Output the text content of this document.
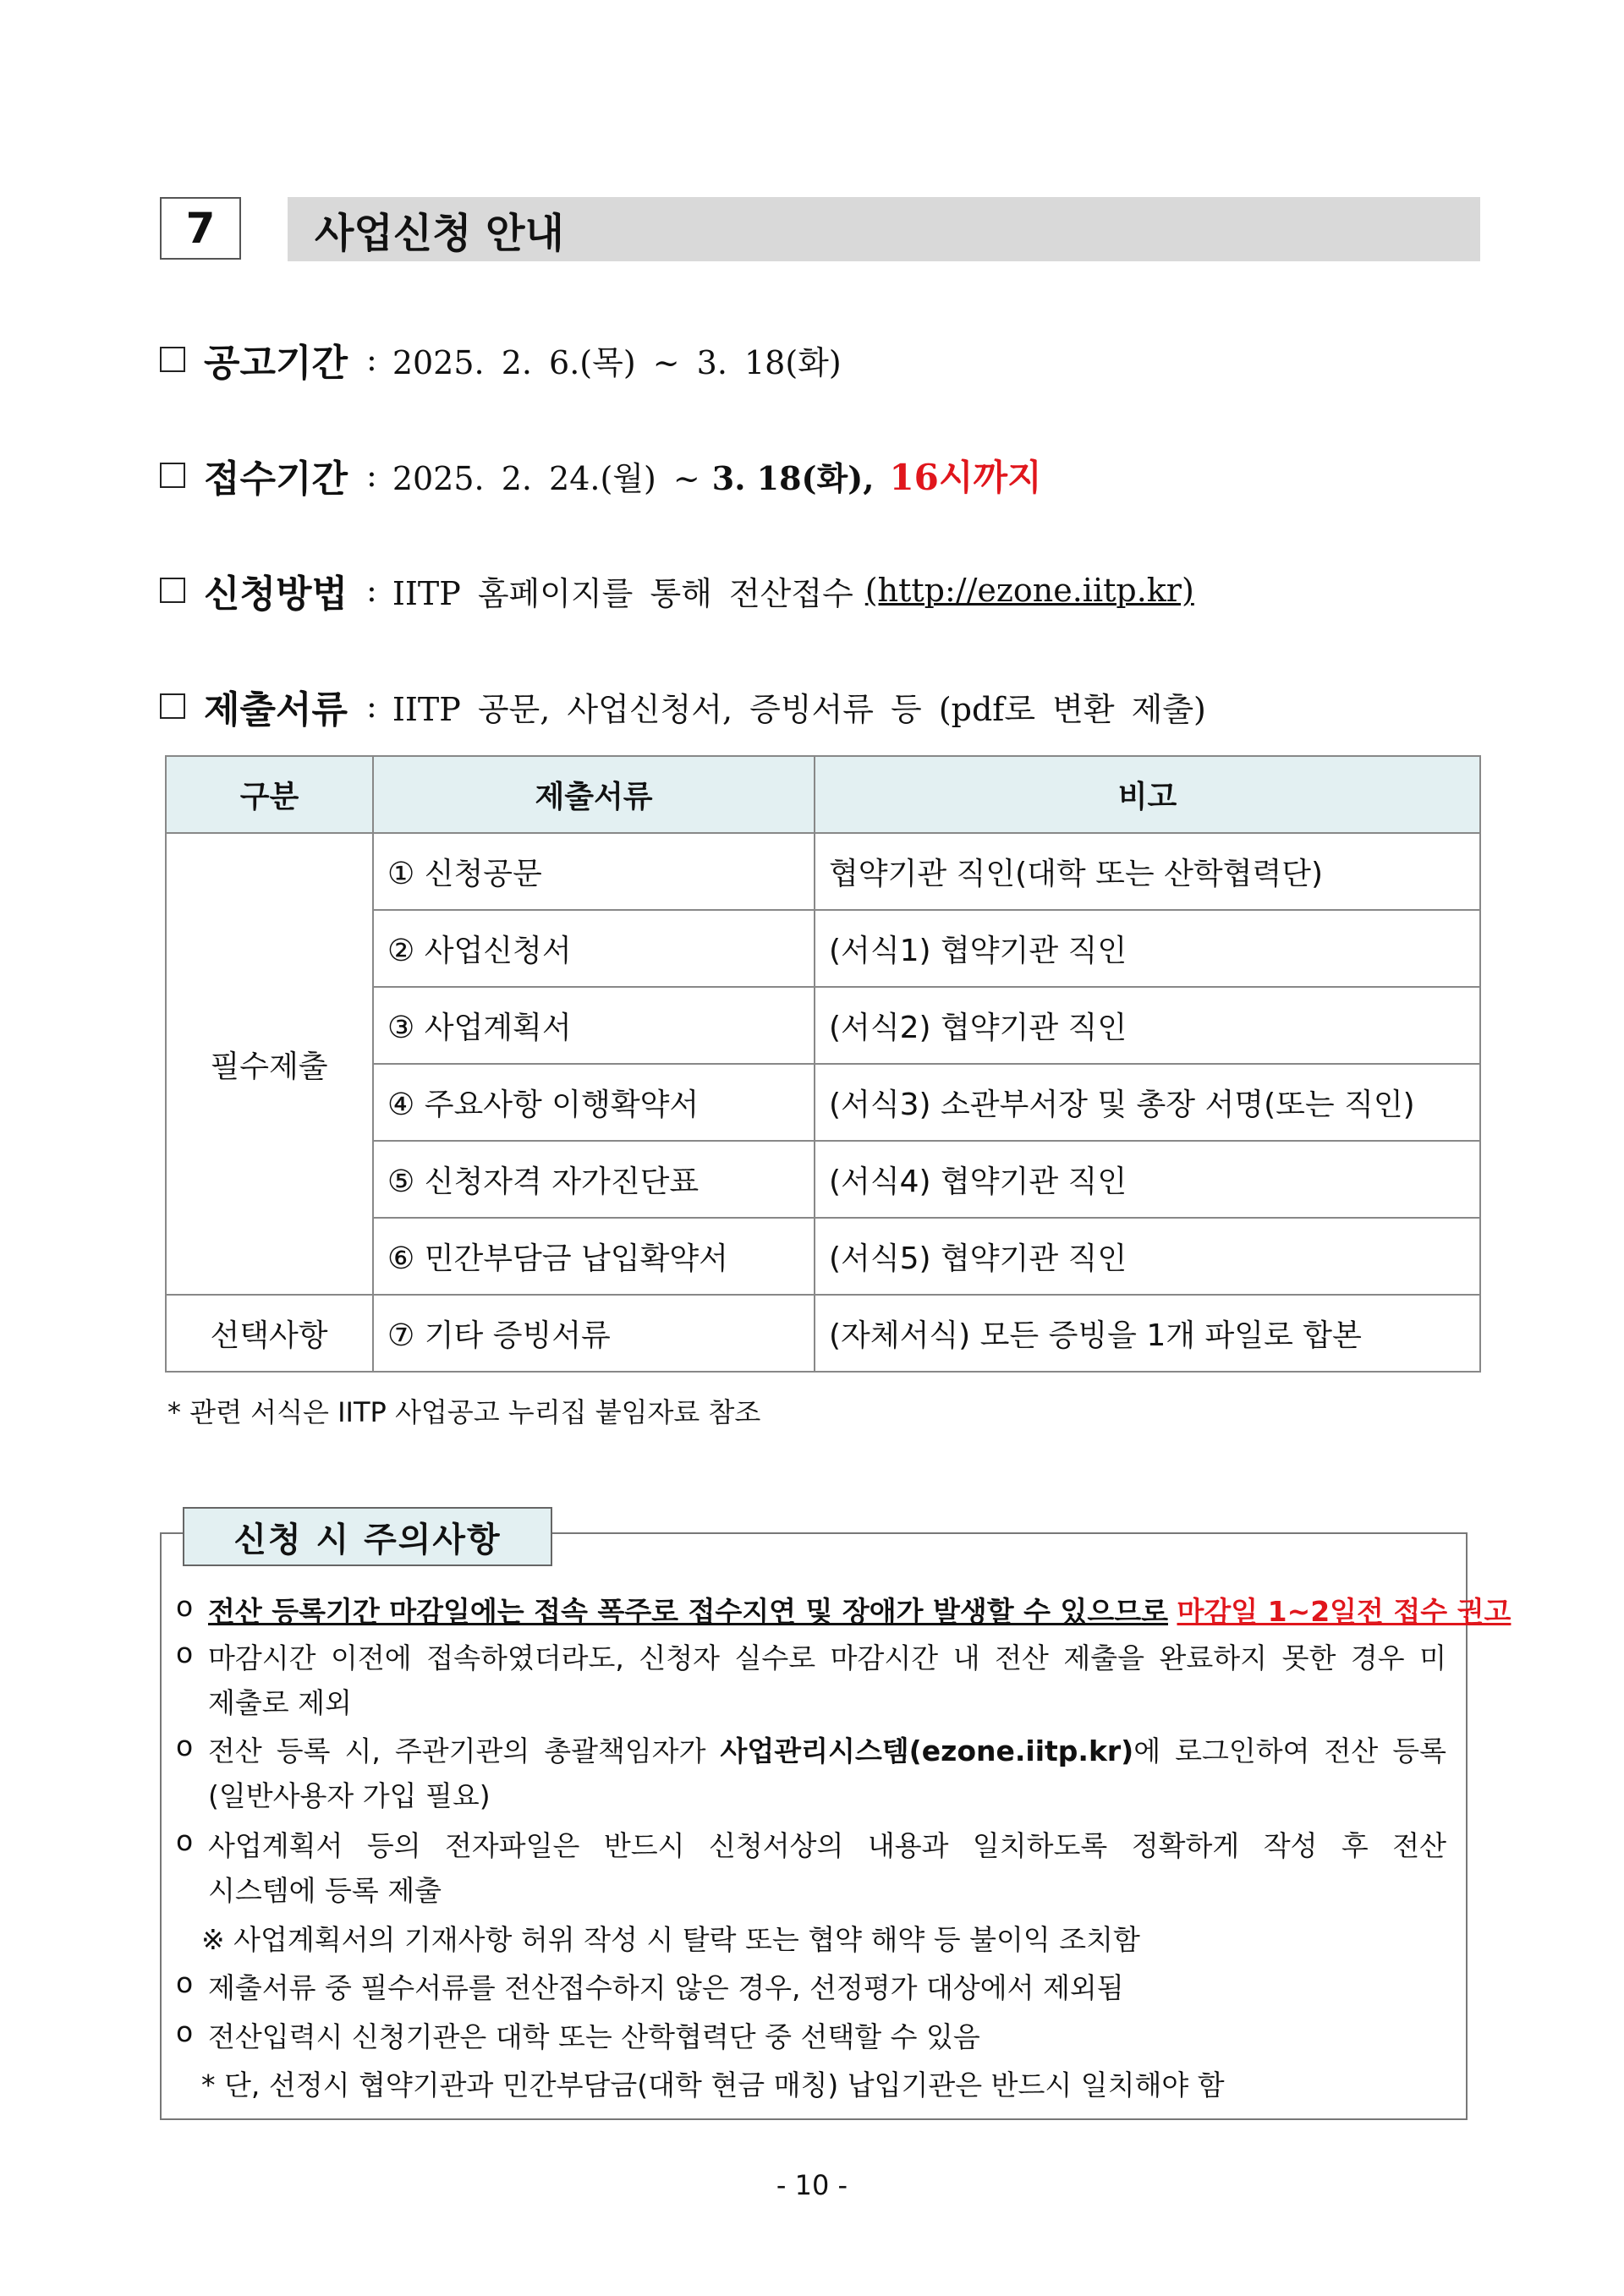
7	사업신청 안내
공고기간 : 2025. 2. 6.(목) ~ 3. 18(화)
접수기간 : 2025. 2. 24.(월) ~ 3. 18(화), 16시까지
신청방법 : IITP 홈페이지를 통해 전산접수 (http://ezone.iitp.kr)
제출서류 : IITP 공문, 사업신청서, 증빙서류 등 (pdf로 변환 제출)
구분	제출서류	비고
필수제출	① 신청공문	협약기관 직인(대학 또는 산학협력단)
	② 사업신청서	(서식1) 협약기관 직인
	③ 사업계획서	(서식2) 협약기관 직인
	④ 주요사항 이행확약서	(서식3) 소관부서장 및 총장 서명(또는 직인)
	⑤ 신청자격 자가진단표	(서식4) 협약기관 직인
	⑥ 민간부담금 납입확약서	(서식5) 협약기관 직인
선택사항	⑦ 기타 증빙서류	(자체서식) 모든 증빙을 1개 파일로 합본
* 관련 서식은 IITP 사업공고 누리집 붙임자료 참조
신청 시 주의사항
o 전산 등록기간 마감일에는 접속 폭주로 접수지연 및 장애가 발생할 수 있으므로 마감일 1~2일전 접수 권고
o 마감시간 이전에 접속하였더라도, 신청자 실수로 마감시간 내 전산 제출을 완료하지 못한 경우 미
제출로 제외
o 전산 등록 시, 주관기관의 총괄책임자가 사업관리시스템(ezone.iitp.kr)에 로그인하여 전산 등록
(일반사용자 가입 필요)
o 사업계획서 등의 전자파일은 반드시 신청서상의 내용과 일치하도록 정확하게 작성 후 전산
시스템에 등록 제출
※ 사업계획서의 기재사항 허위 작성 시 탈락 또는 협약 해약 등 불이익 조치함
o 제출서류 중 필수서류를 전산접수하지 않은 경우, 선정평가 대상에서 제외됨
o 전산입력시 신청기관은 대학 또는 산학협력단 중 선택할 수 있음
* 단, 선정시 협약기관과 민간부담금(대학 현금 매칭) 납입기관은 반드시 일치해야 함
- 10 -
